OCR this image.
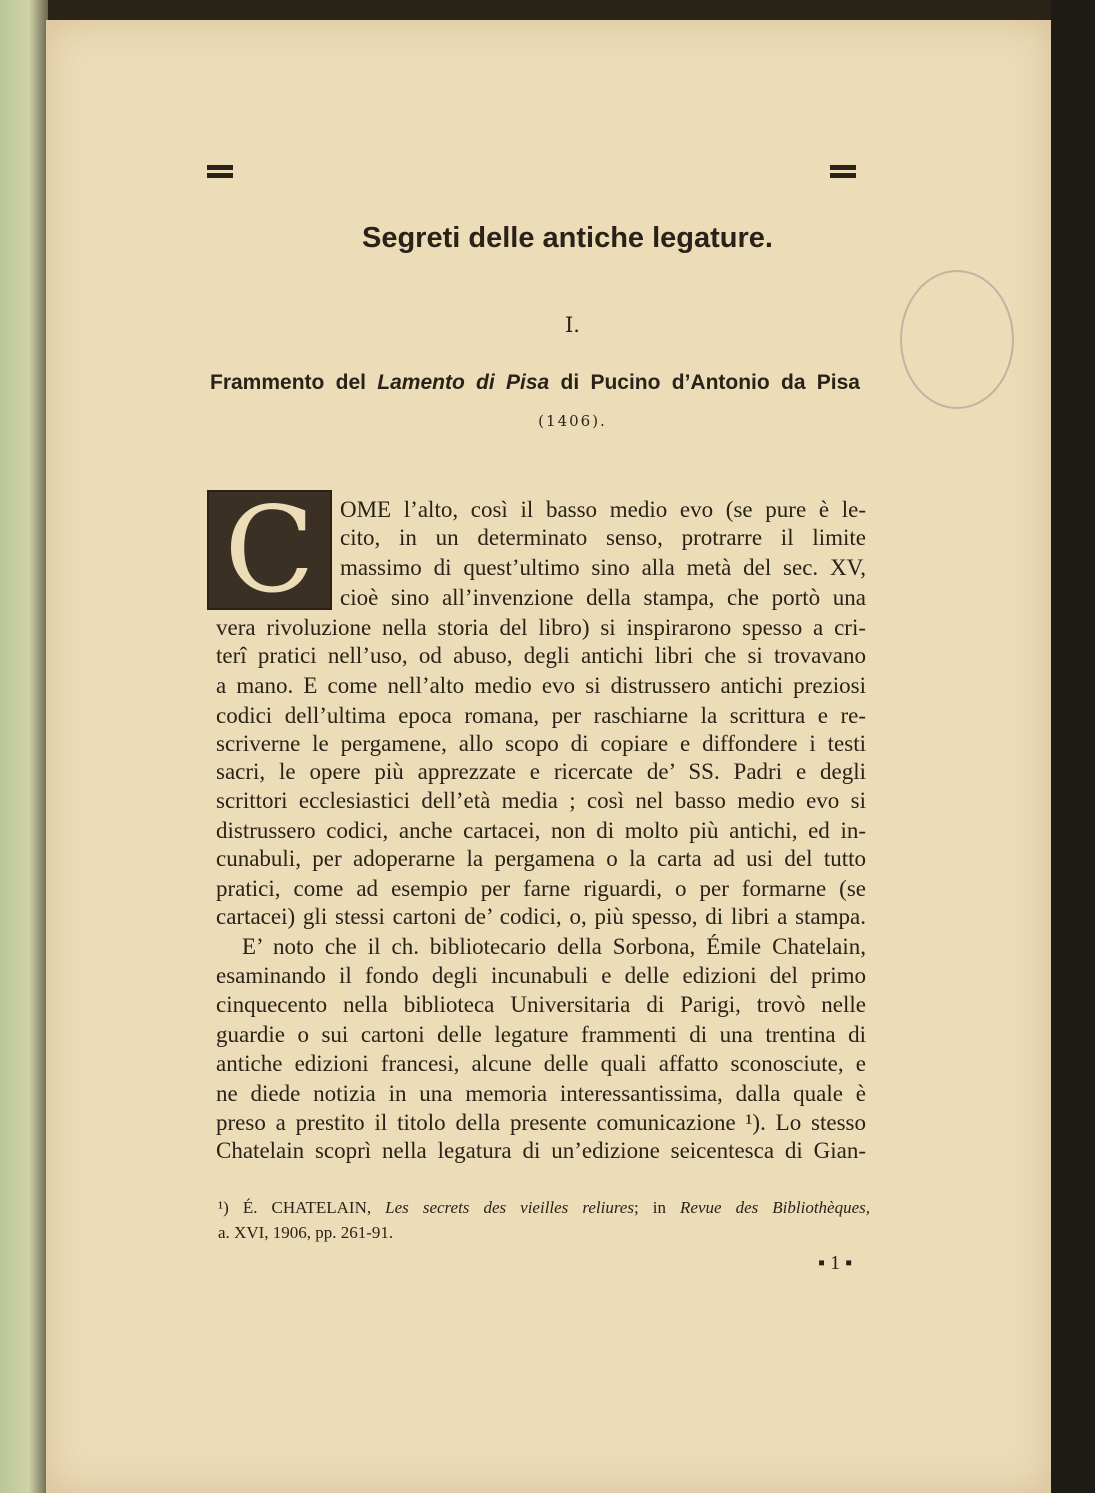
Segreti delle antiche legature.
I.
Frammento del Lamento di Pisa di Pucino d’Antonio da Pisa
(1406).
C OME l’alto, così il basso medio evo (se pure è le-
cito, in un determinato senso, protrarre il limite
massimo di quest’ultimo sino alla metà del sec. XV,
cioè sino all’invenzione della stampa, che portò una
vera rivoluzione nella storia del libro) si inspirarono spesso a cri-
terî pratici nell’uso, od abuso, degli antichi libri che si trovavano
a mano. E come nell’alto medio evo si distrussero antichi preziosi
codici dell’ultima epoca romana, per raschiarne la scrittura e re-
scriverne le pergamene, allo scopo di copiare e diffondere i testi
sacri, le opere più apprezzate e ricercate de’ SS. Padri e degli
scrittori ecclesiastici dell’età media ; così nel basso medio evo si
distrussero codici, anche cartacei, non di molto più antichi, ed in-
cunabuli, per adoperarne la pergamena o la carta ad usi del tutto
pratici, come ad esempio per farne riguardi, o per formarne (se
cartacei) gli stessi cartoni de’ codici, o, più spesso, di libri a stampa.
E’ noto che il ch. bibliotecario della Sorbona, Émile Chatelain,
esaminando il fondo degli incunabuli e delle edizioni del primo
cinquecento nella biblioteca Universitaria di Parigi, trovò nelle
guardie o sui cartoni delle legature frammenti di una trentina di
antiche edizioni francesi, alcune delle quali affatto sconosciute, e
ne diede notizia in una memoria interessantissima, dalla quale è
preso a prestito il titolo della presente comunicazione ¹). Lo stesso
Chatelain scoprì nella legatura di un’edizione seicentesca di Gian-
¹) É. CHATELAIN, Les secrets des vieilles reliures; in Revue des Bibliothèques,
a. XVI, 1906, pp. 261-91.
▪ 1 ▪
